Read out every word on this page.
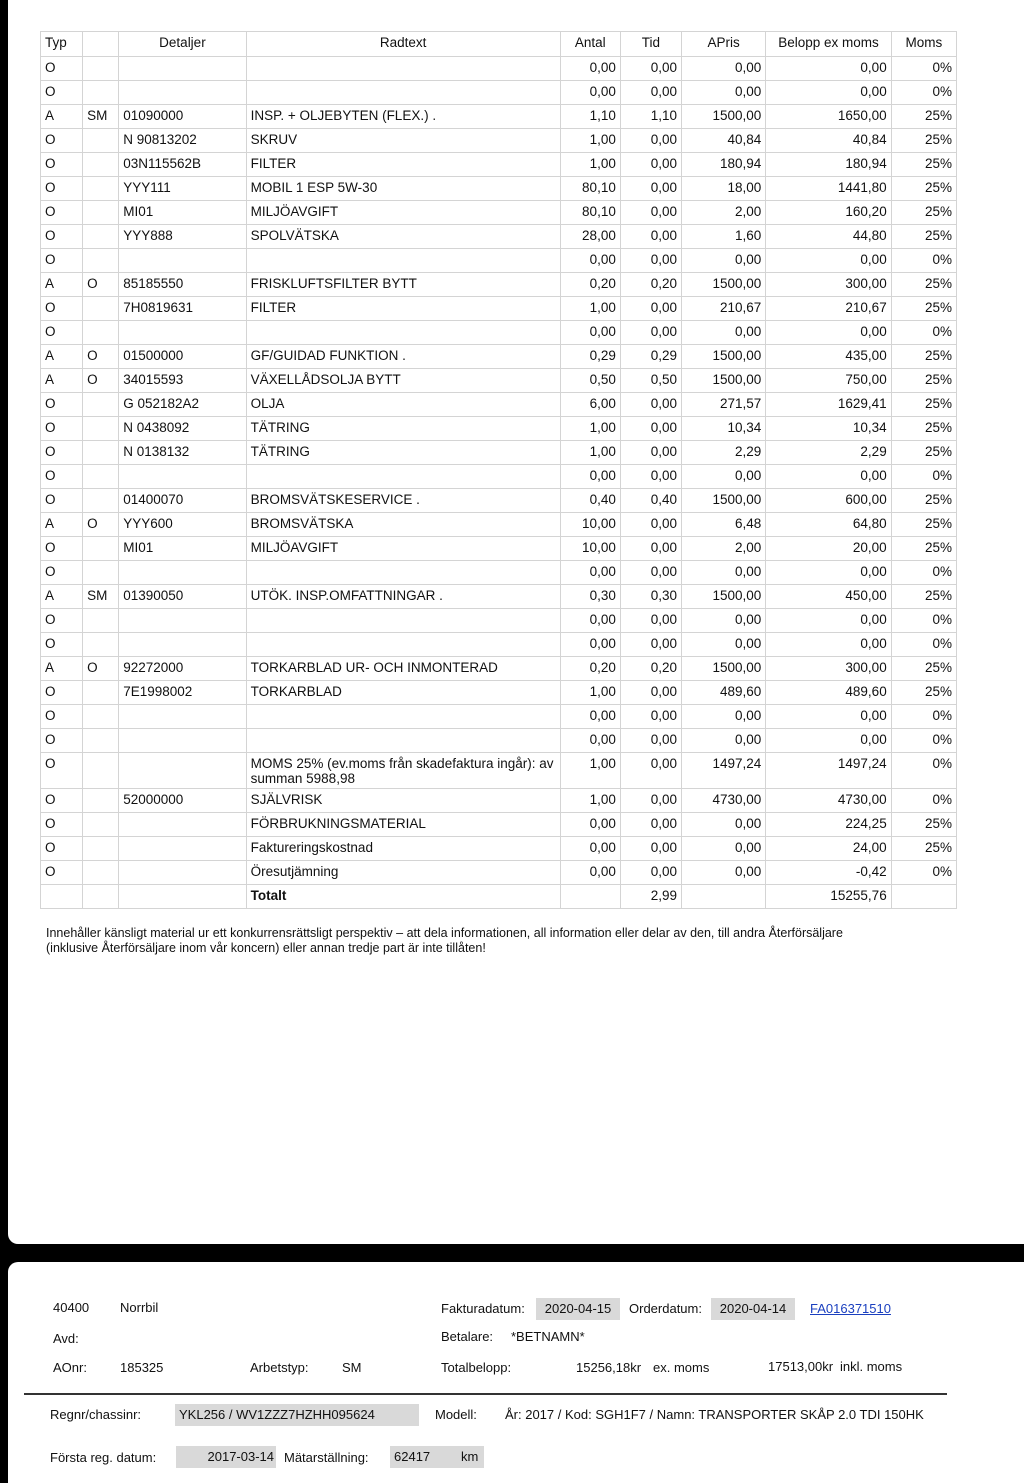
Typ		Detaljer	Radtext	Antal	Tid	APris	Belopp ex moms	Moms
O				0,00	0,00	0,00	0,00	0%
O				0,00	0,00	0,00	0,00	0%
A	SM	01090000	INSP. + OLJEBYTEN (FLEX.) .	1,10	1,10	1500,00	1650,00	25%
O		N 90813202	SKRUV	1,00	0,00	40,84	40,84	25%
O		03N115562B	FILTER	1,00	0,00	180,94	180,94	25%
O		YYY111	MOBIL 1 ESP 5W-30	80,10	0,00	18,00	1441,80	25%
O		MI01	MILJÖAVGIFT	80,10	0,00	2,00	160,20	25%
O		YYY888	SPOLVÄTSKA	28,00	0,00	1,60	44,80	25%
O				0,00	0,00	0,00	0,00	0%
A	O	85185550	FRISKLUFTSFILTER BYTT	0,20	0,20	1500,00	300,00	25%
O		7H0819631	FILTER	1,00	0,00	210,67	210,67	25%
O				0,00	0,00	0,00	0,00	0%
A	O	01500000	GF/GUIDAD FUNKTION .	0,29	0,29	1500,00	435,00	25%
A	O	34015593	VÄXELLÅDSOLJA BYTT	0,50	0,50	1500,00	750,00	25%
O		G 052182A2	OLJA	6,00	0,00	271,57	1629,41	25%
O		N 0438092	TÄTRING	1,00	0,00	10,34	10,34	25%
O		N 0138132	TÄTRING	1,00	0,00	2,29	2,29	25%
O				0,00	0,00	0,00	0,00	0%
O		01400070	BROMSVÄTSKESERVICE .	0,40	0,40	1500,00	600,00	25%
A	O	YYY600	BROMSVÄTSKA	10,00	0,00	6,48	64,80	25%
O		MI01	MILJÖAVGIFT	10,00	0,00	2,00	20,00	25%
O				0,00	0,00	0,00	0,00	0%
A	SM	01390050	UTÖK. INSP.OMFATTNINGAR .	0,30	0,30	1500,00	450,00	25%
O				0,00	0,00	0,00	0,00	0%
O				0,00	0,00	0,00	0,00	0%
A	O	92272000	TORKARBLAD UR- OCH INMONTERAD	0,20	0,20	1500,00	300,00	25%
O		7E1998002	TORKARBLAD	1,00	0,00	489,60	489,60	25%
O				0,00	0,00	0,00	0,00	0%
O				0,00	0,00	0,00	0,00	0%
O			MOMS 25% (ev.moms från skadefaktura ingår): av summan 5988,98	1,00	0,00	1497,24	1497,24	0%
O		52000000	SJÄLVRISK	1,00	0,00	4730,00	4730,00	0%
O			FÖRBRUKNINGSMATERIAL	0,00	0,00	0,00	224,25	25%
O			Faktureringskostnad	0,00	0,00	0,00	24,00	25%
O			Öresutjämning	0,00	0,00	0,00	-0,42	0%
			Totalt		2,99		15255,76	
Innehåller känsligt material ur ett konkurrensrättsligt perspektiv – att dela informationen, all information eller delar av den, till andra Återförsäljare (inklusive Återförsäljare inom vår koncern) eller annan tredje part är inte tillåten!
40400 Norrbil
Avd:
AOnr:	185325	Arbetstyp:	SM
Fakturadatum:	2020-04-15	Orderdatum:	2020-04-14	FA016371510
Betalare: *BETNAMN*
Totalbelopp:	15256,18kr ex. moms	17513,00kr inkl. moms
Regnr/chassinr:	YKL256 / WV1ZZZ7HZHH095624	Modell: År: 2017 / Kod: SGH1F7 / Namn: TRANSPORTER SKÅP 2.0 TDI 150HK
Första reg. datum:	2017-03-14 Mätarställning: 62417 km
